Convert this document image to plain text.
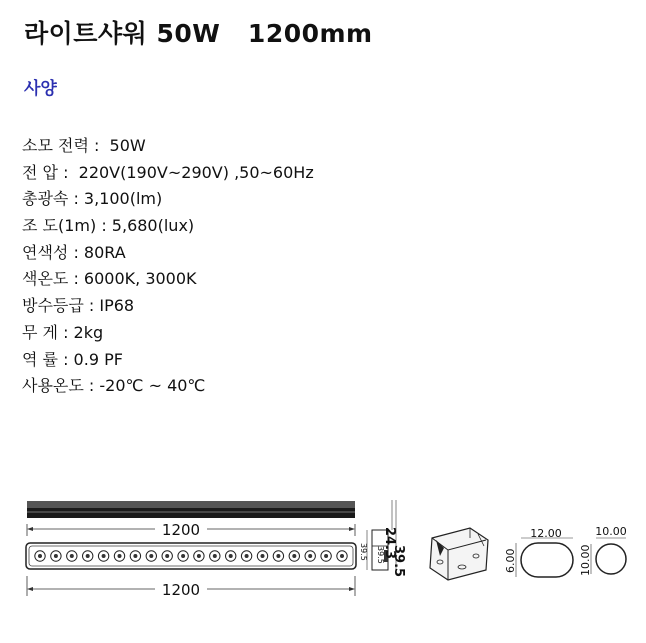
라이트샤워 50W   1200mm
사양
소모 전력 :  50W
전 압 :  220V(190V~290V) ,50~60Hz
총광속 : 3,100(lm)
조 도(1m) : 5,680(lux)
연색성 : 80RA
색온도 : 6000K, 3000K
방수등급 : IP68
무 게 : 2kg
역 률 : 0.9 PF
사용온도 : -20℃ ~ 40℃
1200
1200
24.3
39.5
39.5 39.5
12.00
6.00
10.00
10.00
